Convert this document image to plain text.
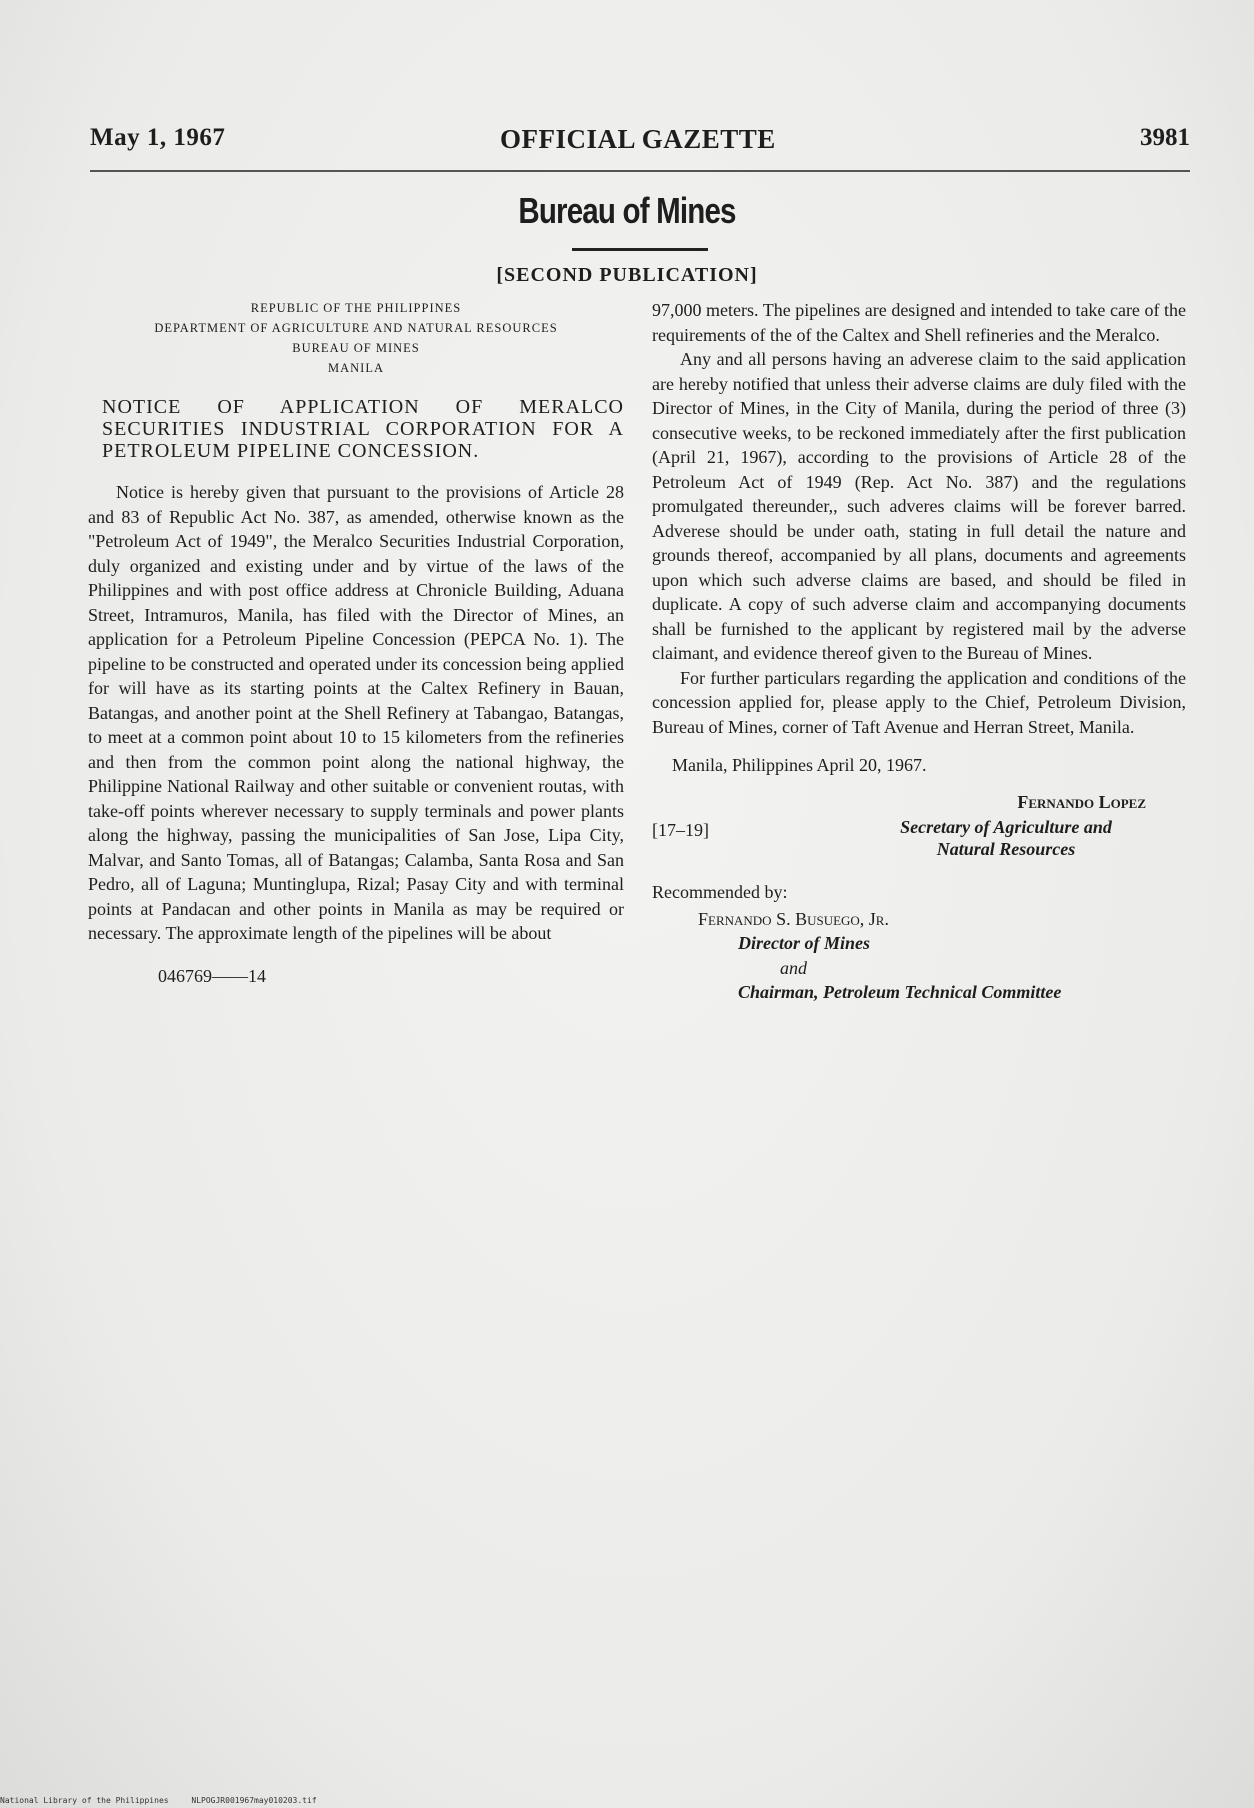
May 1, 1967	OFFICIAL GAZETTE	3981
Bureau of Mines
[SECOND PUBLICATION]
REPUBLIC OF THE PHILIPPINES
DEPARTMENT OF AGRICULTURE AND NATURAL RESOURCES
BUREAU OF MINES
MANILA
NOTICE OF APPLICATION OF MERALCO SECURITIES INDUSTRIAL CORPORATION FOR A PETROLEUM PIPELINE CONCESSION.

Notice is hereby given that pursuant to the provisions of Article 28 and 83 of Republic Act No. 387, as amended, otherwise known as the "Petroleum Act of 1949", the Meralco Securities Industrial Corporation, duly organized and existing under and by virtue of the laws of the Philippines and with post office address at Chronicle Building, Aduana Street, Intramuros, Manila, has filed with the Director of Mines, an application for a Petroleum Pipeline Concession (PEPCA No. 1). The pipeline to be constructed and operated under its concession being applied for will have as its starting points at the Caltex Refinery in Bauan, Batangas, and another point at the Shell Refinery at Tabangao, Batangas, to meet at a common point about 10 to 15 kilometers from the refineries and then from the common point along the national highway, the Philippine National Railway and other suitable or convenient routas, with take-off points wherever necessary to supply terminals and power plants along the highway, passing the municipalities of San Jose, Lipa City, Malvar, and Santo Tomas, all of Batangas; Calamba, Santa Rosa and San Pedro, all of Laguna; Muntinglupa, Rizal; Pasay City and with terminal points at Pandacan and other points in Manila as may be required or necessary. The approximate length of the pipelines will be about

046769——14

97,000 meters. The pipelines are designed and intended to take care of the requirements of the of the Caltex and Shell refineries and the Meralco.

Any and all persons having an adverese claim to the said application are hereby notified that unless their adverse claims are duly filed with the Director of Mines, in the City of Manila, during the period of three (3) consecutive weeks, to be reckoned immediately after the first publication (April 21, 1967), according to the provisions of Article 28 of the Petroleum Act of 1949 (Rep. Act No. 387) and the regulations promulgated thereunder,, such adveres claims will be forever barred. Adverese should be under oath, stating in full detail the nature and grounds thereof, accompanied by all plans, documents and agreements upon which such adverse claims are based, and should be filed in duplicate. A copy of such adverse claim and accompanying documents shall be furnished to the applicant by registered mail by the adverse claimant, and evidence thereof given to the Bureau of Mines.

For further particulars regarding the application and conditions of the concession applied for, please apply to the Chief, Petroleum Division, Bureau of Mines, corner of Taft Avenue and Herran Street, Manila.

Manila, Philippines April 20, 1967.
Fernando Lopez
[17–19]	Secretary of Agriculture and
Natural Resources
Recommended by:
Fernando S. Busuego, Jr.
Director of Mines
and
Chairman, Petroleum Technical Committee
National Library of the Philippines	NLPOGJR001967may010203.tif
